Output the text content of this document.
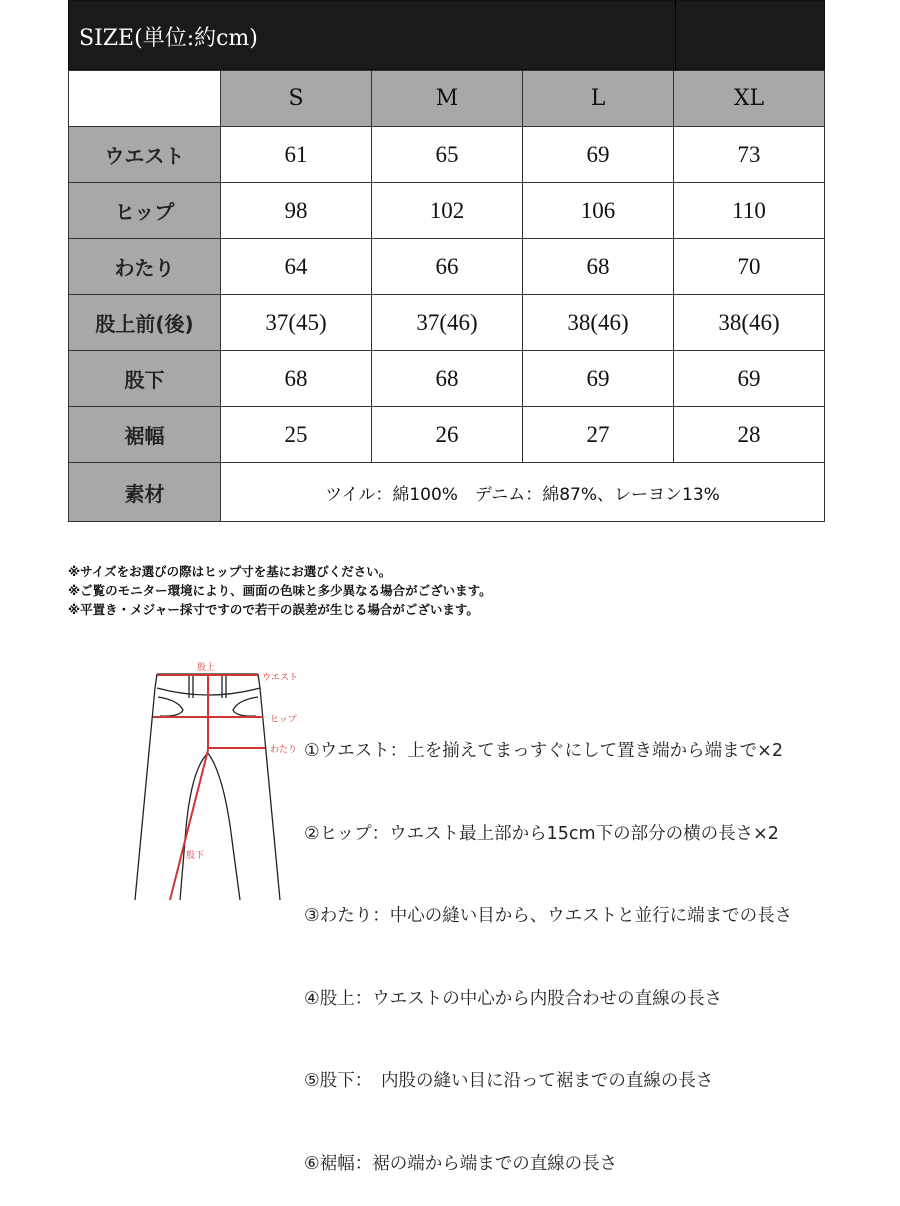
SIZE(単位:約cm)
	S	M	L	XL
ウエスト	61	65	69	73
ヒップ	98	102	106	110
わたり	64	66	68	70
股上前(後)	37(45)	37(46)	38(46)	38(46)
股下	68	68	69	69
裾幅	25	26	27	28
素材	ツイル：綿100%　デニム：綿87%、レーヨン13%			
※サイズをお選びの際はヒップ寸を基にお選びください。
※ご覧のモニター環境により、画面の色味と多少異なる場合がございます。
※平置き・メジャー採寸ですので若干の誤差が生じる場合がございます。
股上
ウエスト
ヒップ
わたり
股下

①ウエスト：上を揃えてまっすぐにして置き端から端まで×2

②ヒップ：ウエスト最上部から15cm下の部分の横の長さ×2

③わたり：中心の縫い目から、ウエストと並行に端までの長さ

④股上：ウエストの中心から内股合わせの直線の長さ

⑤股下：　内股の縫い目に沿って裾までの直線の長さ

⑥裾幅：裾の端から端までの直線の長さ
